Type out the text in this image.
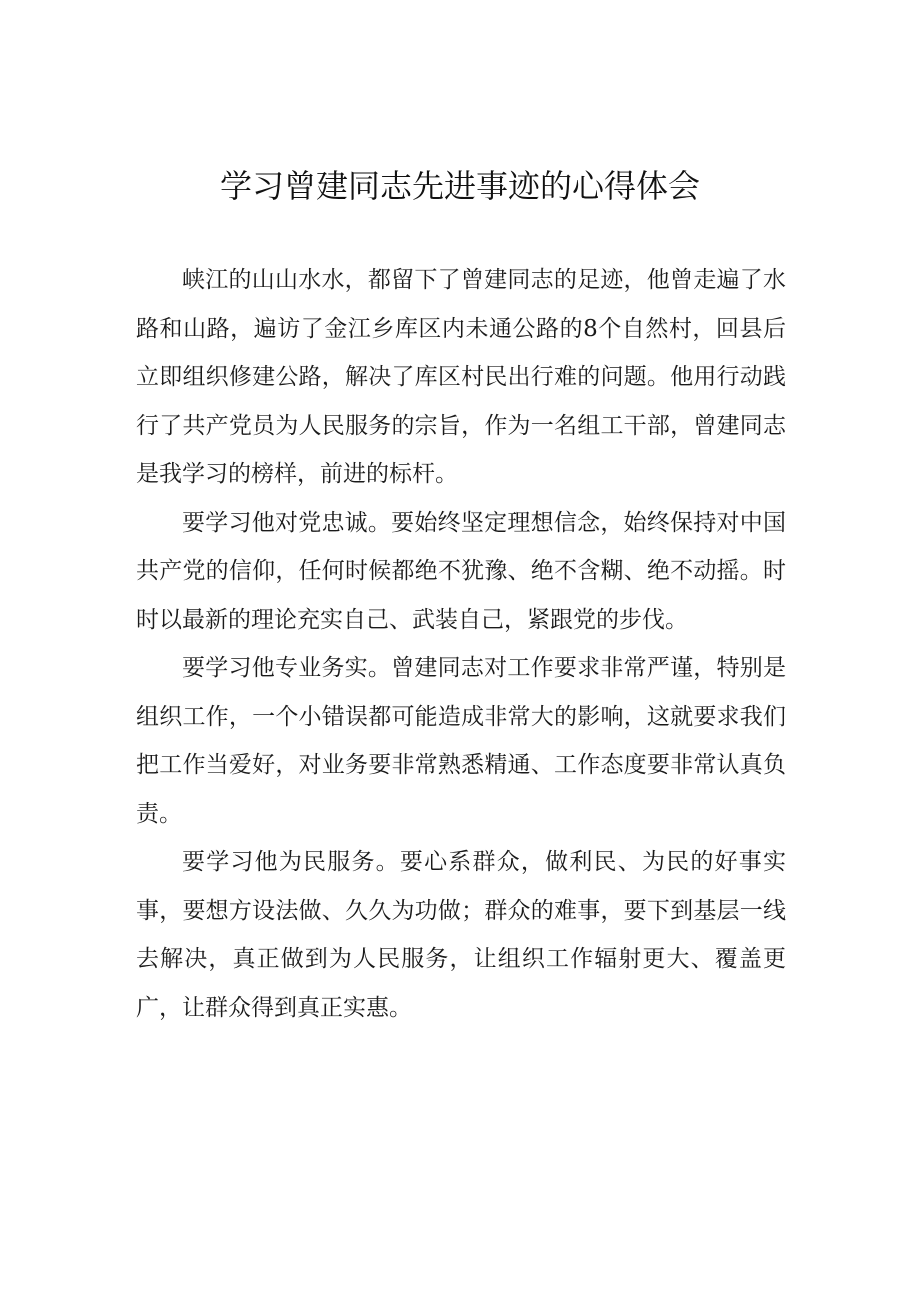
学习曾建同志先进事迹的心得体会

峡江的山山水水，都留下了曾建同志的足迹，他曾走遍了水路和山路，遍访了金江乡库区内未通公路的8个自然村，回县后立即组织修建公路，解决了库区村民出行难的问题。他用行动践行了共产党员为人民服务的宗旨，作为一名组工干部，曾建同志是我学习的榜样，前进的标杆。

要学习他对党忠诚。要始终坚定理想信念，始终保持对中国共产党的信仰，任何时候都绝不犹豫、绝不含糊、绝不动摇。时时以最新的理论充实自己、武装自己，紧跟党的步伐。

要学习他专业务实。曾建同志对工作要求非常严谨，特别是组织工作，一个小错误都可能造成非常大的影响，这就要求我们把工作当爱好，对业务要非常熟悉精通、工作态度要非常认真负责。

要学习他为民服务。要心系群众，做利民、为民的好事实事，要想方设法做、久久为功做；群众的难事，要下到基层一线去解决，真正做到为人民服务，让组织工作辐射更大、覆盖更广，让群众得到真正实惠。
